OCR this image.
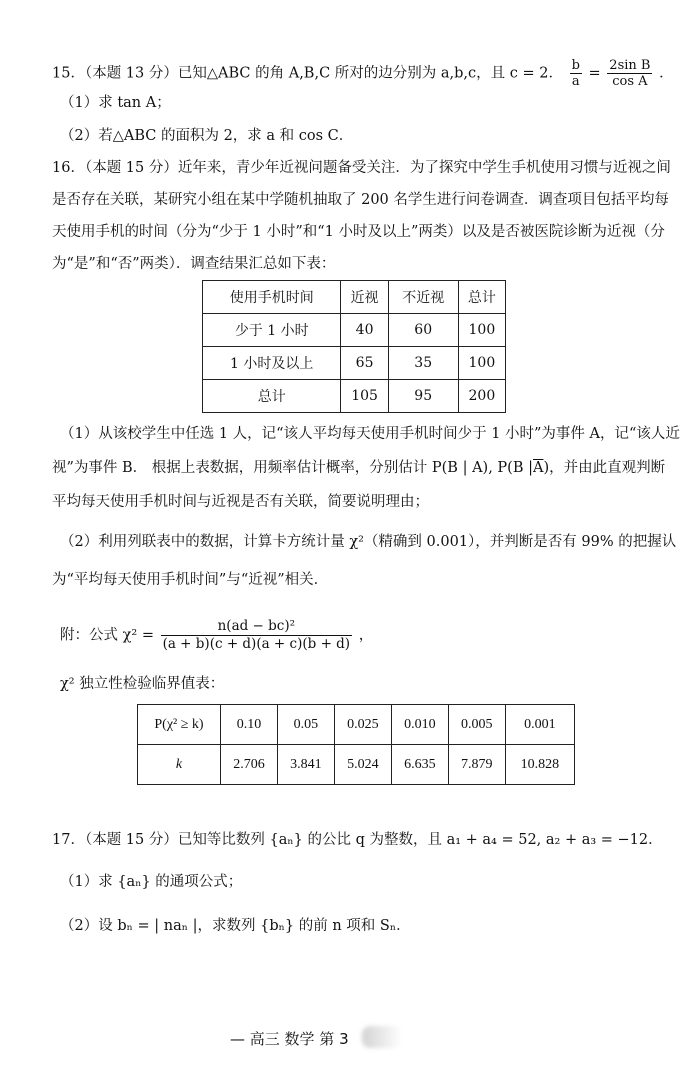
15．（本题 13 分）已知△ABC 的角 A,B,C 所对的边分别为 a,b,c，且 c = 2． $\frac{b}{a} = \frac{\text{2sin B}}{\text{cos A}}$ ．
（1）求 tan A；
（2）若△ABC 的面积为 2，求 a 和 cos C．
16．（本题 15 分）近年来，青少年近视问题备受关注．为了探究中学生手机使用习惯与近视之间
是否存在关联，某研究小组在某中学随机抽取了 200 名学生进行问卷调查．调查项目包括平均每
天使用手机的时间（分为“少于 1 小时”和“1 小时及以上”两类）以及是否被医院诊断为近视（分
为“是”和“否”两类）．调查结果汇总如下表：
使用手机时间	近视	不近视	总计
少于 1 小时	40	60	100
1 小时及以上	65	35	100
总计	105	95	200
（1）从该校学生中任选 1 人，记“该人平均每天使用手机时间少于 1 小时”为事件 A，记“该人近
视”为事件 B． 根据上表数据，用频率估计概率，分别估计 P(B | A), P(B $|\overline{A}$)，并由此直观判断
平均每天使用手机时间与近视是否有关联，简要说明理由；
（2）利用列联表中的数据，计算卡方统计量 χ²（精确到 0.001），并判断是否有 99% 的把握认
为“平均每天使用手机时间”与“近视”相关．
附：公式 $\chi^2 = \frac{\text{n(ad − bc)²}}{(a + b)(c + d)(a + c)(b + d)}$ ，
χ² 独立性检验临界值表：
P(χ² ≥ k)	0.10	0.05	0.025	0.010	0.005	0.001
k	2.706	3.841	5.024	6.635	7.879	10.828
17．（本题 15 分）已知等比数列 {aₙ} 的公比 q 为整数，且 a₁ + a₄ = 52, a₂ + a₃ = −12．
（1）求 {aₙ} 的通项公式；
（2）设 bₙ = | naₙ |，求数列 {bₙ} 的前 n 项和 Sₙ．
— 高三 数学 第 3
